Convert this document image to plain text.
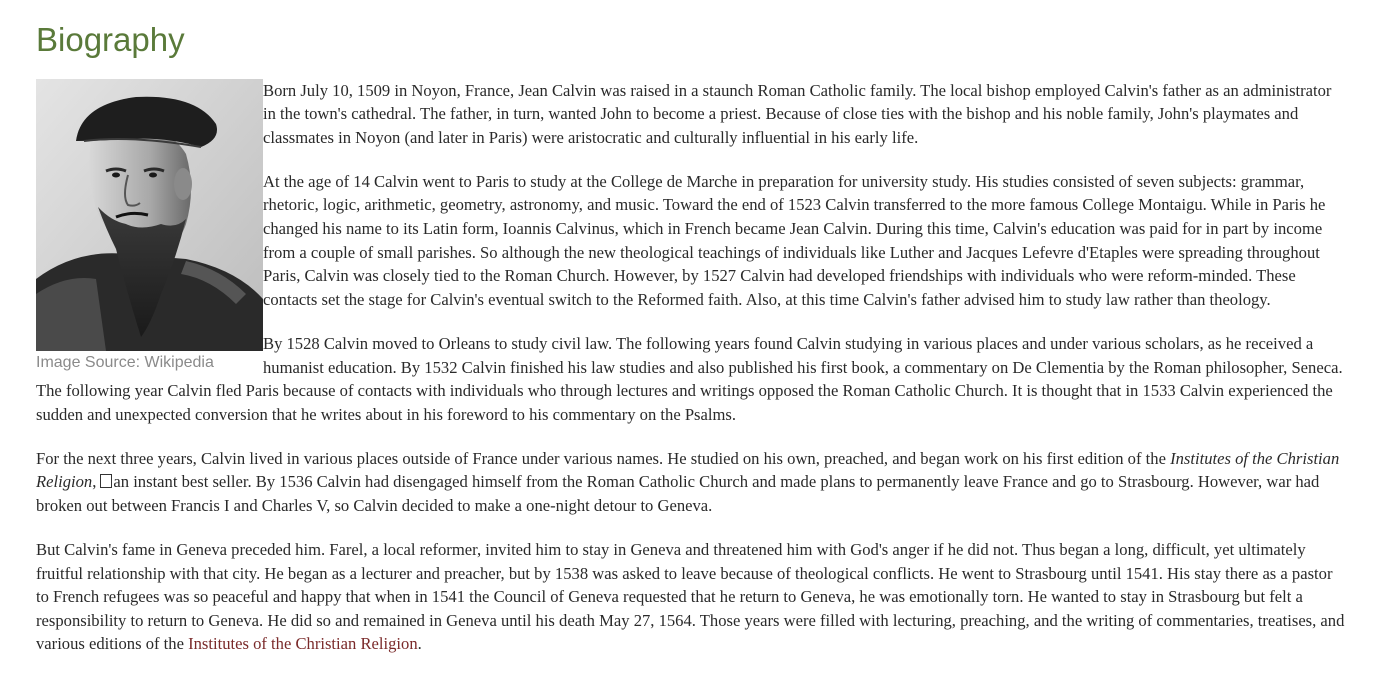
Biography
Image Source: Wikipedia

Born July 10, 1509 in Noyon, France, Jean Calvin was raised in a staunch Roman Catholic family. The local bishop employed Calvin's father as an administrator in the town's cathedral. The father, in turn, wanted John to become a priest. Because of close ties with the bishop and his noble family, John's playmates and classmates in Noyon (and later in Paris) were aristocratic and culturally influential in his early life.

At the age of 14 Calvin went to Paris to study at the College de Marche in preparation for university study. His studies consisted of seven subjects: grammar, rhetoric, logic, arithmetic, geometry, astronomy, and music. Toward the end of 1523 Calvin transferred to the more famous College Montaigu. While in Paris he changed his name to its Latin form, Ioannis Calvinus, which in French became Jean Calvin. During this time, Calvin's education was paid for in part by income from a couple of small parishes. So although the new theological teachings of individuals like Luther and Jacques Lefevre d'Etaples were spreading throughout Paris, Calvin was closely tied to the Roman Church. However, by 1527 Calvin had developed friendships with individuals who were reform-minded. These contacts set the stage for Calvin's eventual switch to the Reformed faith. Also, at this time Calvin's father advised him to study law rather than theology.

By 1528 Calvin moved to Orleans to study civil law. The following years found Calvin studying in various places and under various scholars, as he received a humanist education. By 1532 Calvin finished his law studies and also published his first book, a commentary on De Clementia by the Roman philosopher, Seneca. The following year Calvin fled Paris because of contacts with individuals who through lectures and writings opposed the Roman Catholic Church. It is thought that in 1533 Calvin experienced the sudden and unexpected conversion that he writes about in his foreword to his commentary on the Psalms.

For the next three years, Calvin lived in various places outside of France under various names. He studied on his own, preached, and began work on his first edition of the Institutes of the Christian Religion, an instant best seller. By 1536 Calvin had disengaged himself from the Roman Catholic Church and made plans to permanently leave France and go to Strasbourg. However, war had broken out between Francis I and Charles V, so Calvin decided to make a one-night detour to Geneva.

But Calvin's fame in Geneva preceded him. Farel, a local reformer, invited him to stay in Geneva and threatened him with God's anger if he did not. Thus began a long, difficult, yet ultimately fruitful relationship with that city. He began as a lecturer and preacher, but by 1538 was asked to leave because of theological conflicts. He went to Strasbourg until 1541. His stay there as a pastor to French refugees was so peaceful and happy that when in 1541 the Council of Geneva requested that he return to Geneva, he was emotionally torn. He wanted to stay in Strasbourg but felt a responsibility to return to Geneva. He did so and remained in Geneva until his death May 27, 1564. Those years were filled with lecturing, preaching, and the writing of commentaries, treatises, and various editions of the Institutes of the Christian Religion.
